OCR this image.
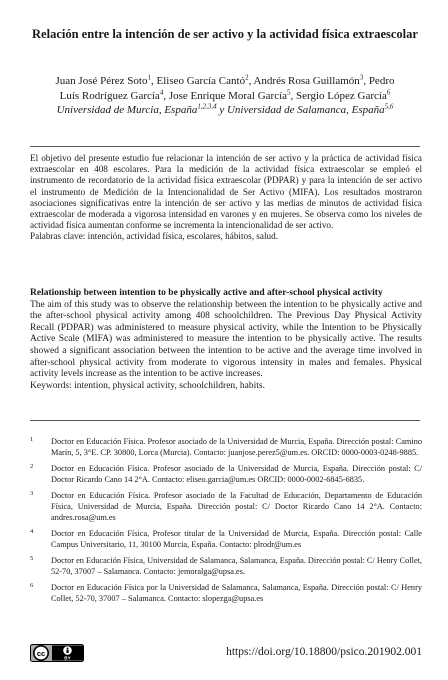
Relación entre la intención de ser activo y la actividad física extraescolar
Juan José Pérez Soto$^1$, Eliseo García Cantó$^2$, Andrés Rosa Guillamón$^3$, Pedro
Luís Rodríguez García$^4$, Jose Enrique Moral García$^5$, Sergio López García$^6$
Universidad de Murcia, España$^{1,2,3,4}$ y Universidad de Salamanca, España$^{5,6}$

El objetivo del presente estudio fue relacionar la intención de ser activo y la práctica de actividad física extraescolar en 408 escolares. Para la medición de la actividad física extraescolar se empleó el instrumento de recordatorio de la actividad física extraescolar (PDPAR) y para la intención de ser activo el instrumento de Medición de la Intencionalidad de Ser Activo (MIFA). Los resultados mostraron asociaciones significativas entre la intención de ser activo y las medias de minutos de actividad física extraescolar de moderada a vigorosa intensidad en varones y en mujeres. Se observa como los niveles de actividad física aumentan conforme se incrementa la intencionalidad de ser activo.

Palabras clave: intención, actividad física, escolares, hábitos, salud.
Relationship between intention to be physically active and after-school physical activity

The aim of this study was to observe the relationship between the intention to be physically active and the after-school physical activity among 408 schoolchildren. The Previous Day Physical Activity Recall (PDPAR) was administered to measure physical activity, while the Intention to be Physically Active Scale (MIFA) was administered to measure the intention to be physically active. The results showed a significant association between the intention to be active and the average time involved in after-school physical activity from moderate to vigorous intensity in males and females. Physical activity levels increase as the intention to be active increases.

Keywords: intention, physical activity, schoolchildren, habits.
1 Doctor en Educación Física. Profesor asociado de la Universidad de Murcia, España. Dirección postal: Camino Marín, 5, 3°E. CP. 30800, Lorca (Murcia). Contacto: juanjose.perez5@um.es. ORCID: 0000-0003-0248-9885.
2 Doctor en Educación Física. Profesor asociado de la Universidad de Murcia, España. Dirección postal: C/ Doctor Ricardo Cano 14 2°A. Contacto: eliseo.garcia@um.es ORCID: 0000-0002-6845-6835.
3 Doctor en Educación Física. Profesor asociado de la Facultad de Educación, Departamento de Educación Física, Universidad de Murcia, España. Dirección postal: C/ Doctor Ricardo Cano 14 2°A. Contacto: andres.rosa@um.es
4 Doctor en Educación Física, Profesor titular de la Universidad de Murcia, España. Dirección postal: Calle Campus Universitario, 11, 30100 Murcia, España. Contacto: plrodr@um.es
5 Doctor en Educación Física, Universidad de Salamanca, Salamanca, España. Dirección postal: C/ Henry Collet, 52-70, 37007 – Salamanca. Contacto: jemoralga@upsa.es.
6 Doctor en Educación Física por la Universidad de Salamanca, Salamanca, España. Dirección postal: C/ Henry Collet, 52-70, 37007 – Salamanca. Contacto: slopezga@upsa.es
cc
BY
https://doi.org/10.18800/psico.201902.001
